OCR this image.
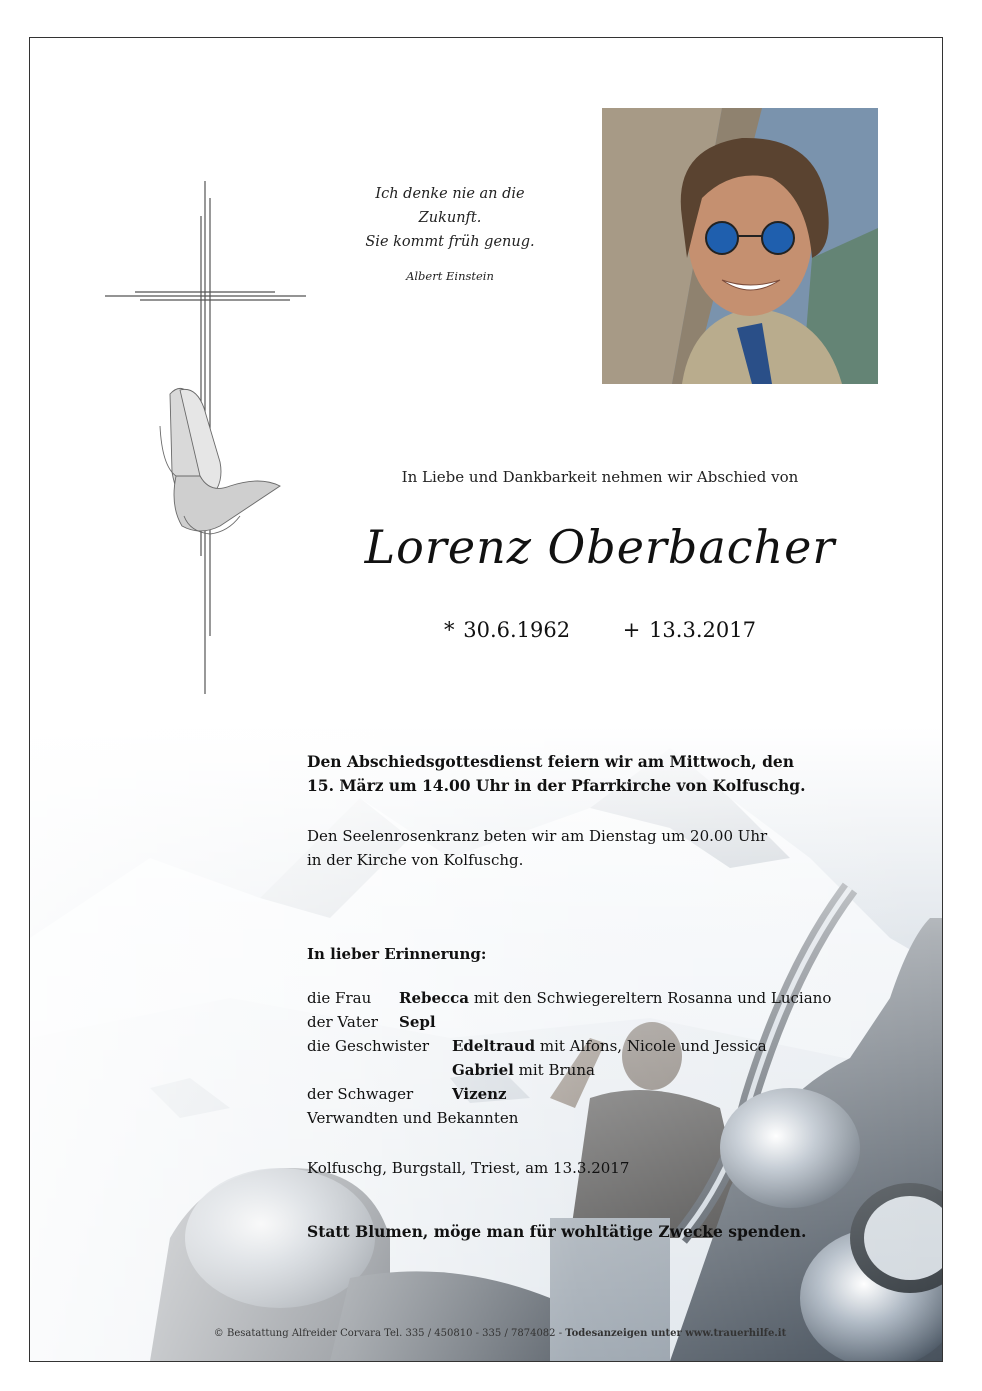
Ich denke nie an die
Zukunft.
Sie kommt früh genug.
Albert Einstein
In Liebe und Dankbarkeit nehmen wir Abschied von
Lorenz Oberbacher
* 30.6.1962	+ 13.3.2017
Den Abschiedsgottesdienst feiern wir am Mittwoch, den
15. März um 14.00 Uhr in der Pfarrkirche von Kolfuschg.
Den Seelenrosenkranz beten wir am Dienstag um 20.00 Uhr
in der Kirche von Kolfuschg.
In lieber Erinnerung:
die Frau Rebecca mit den Schwiegereltern Rosanna und Luciano
der Vater Sepl
die Geschwister Edeltraud mit Alfons, Nicole und Jessica
Gabriel mit Bruna
der Schwager	Vizenz
Verwandten und Bekannten
Kolfuschg, Burgstall, Triest, am 13.3.2017
Statt Blumen, möge man für wohltätige Zwecke spenden.
© Besatattung Alfreider Corvara Tel. 335 / 450810 - 335 / 7874082 - Todesanzeigen unter www.trauerhilfe.it
